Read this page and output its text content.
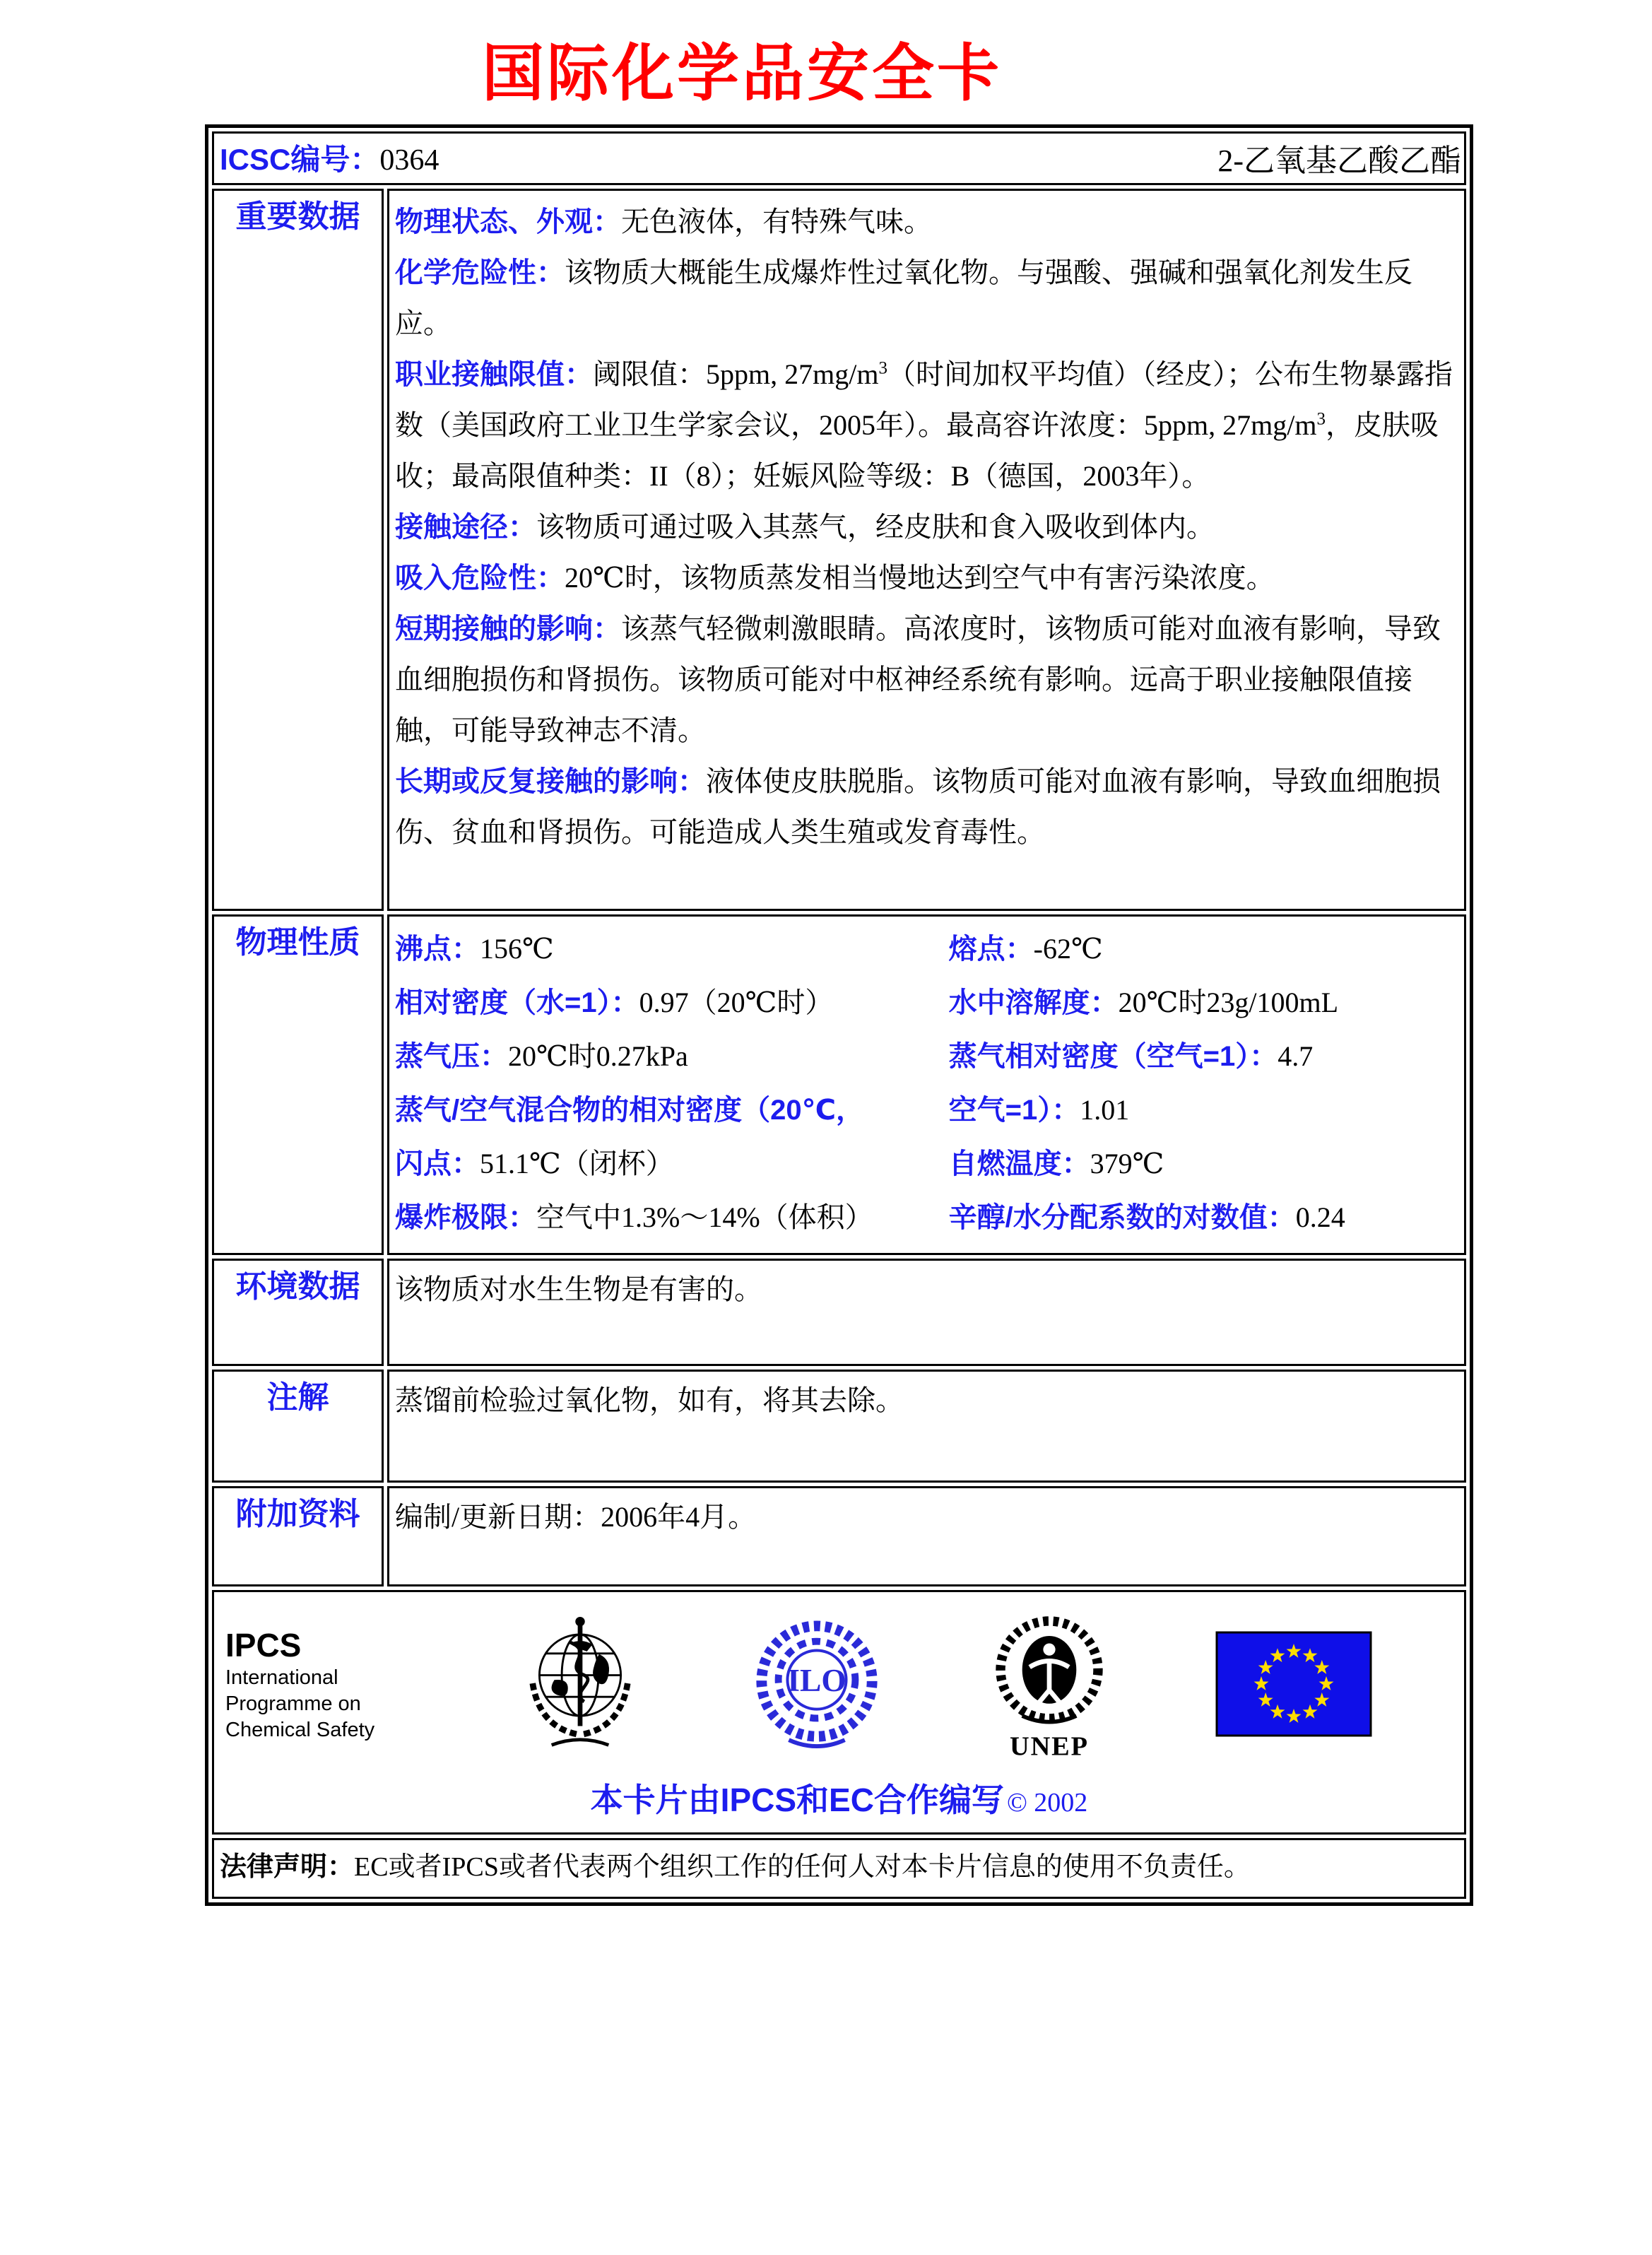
国际化学品安全卡
ICSC编号：0364 2-乙氧基乙酸乙酯	

重要数据	物理状态、外观：无色液体，有特殊气味。

化学危险性：该物质大概能生成爆炸性过氧化物。与强酸、强碱和强氧化剂发生反应。

职业接触限值：阈限值：5ppm, $27mg/m^3$（时间加权平均值）（经皮）；公布生物暴露指数（美国政府工业卫生学家会议，2005年）。最高容许浓度：5ppm, $27mg/m^3$，皮肤吸收；最高限值种类：II（8）；妊娠风险等级：B（德国，2003年）。

接触途径：该物质可通过吸入其蒸气，经皮肤和食入吸收到体内。

吸入危险性：20℃时，该物质蒸发相当慢地达到空气中有害污染浓度。

短期接触的影响：该蒸气轻微刺激眼睛。高浓度时，该物质可能对血液有影响，导致血细胞损伤和肾损伤。该物质可能对中枢神经系统有影响。远高于职业接触限值接触，可能导致神志不清。

长期或反复接触的影响：液体使皮肤脱脂。该物质可能对血液有影响，导致血细胞损伤、贫血和肾损伤。可能造成人类生殖或发育毒性。

物理性质	沸点：156℃	熔点：-62℃
相对密度（水=1）：0.97（20℃时）	水中溶解度：20℃时23g/100mL
蒸气压：20℃时0.27kPa	蒸气相对密度（空气=1）：4.7
蒸气/空气混合物的相对密度（20℃，	空气=1）：1.01
闪点：51.1℃（闭杯）	自燃温度：379℃
爆炸极限：空气中1.3%～14%（体积）	辛醇/水分配系数的对数值：0.24

环境数据	该物质对水生生物是有害的。

注解	蒸馏前检验过氧化物，如有，将其去除。

附加资料	编制/更新日期：2006年4月。

IPCS
International
Programme on
Chemical Safety
ILO
UNEP
本卡片由IPCS和EC合作编写 © 2002

法律声明：EC或者IPCS或者代表两个组织工作的任何人对本卡片信息的使用不负责任。	
